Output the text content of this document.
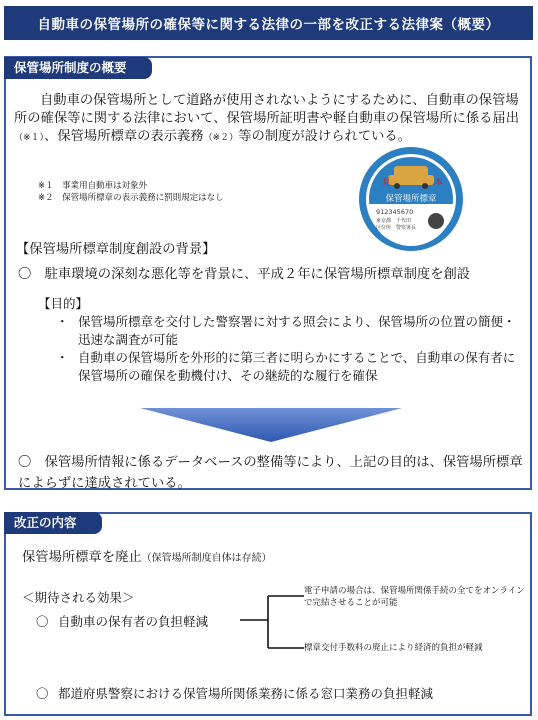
自動車の保管場所の確保等に関する法律の一部を改正する法律案（概要）
保管場所制度の概要
自動車の保管場所として道路が使用されないようにするために、自動車の保管場所の確保等に関する法律において、保管場所証明書や軽自動車の保管場所に係る届出（※１）、保管場所標章の表示義務（※２）等の制度が設けられている。
※１　事業用自動車は対象外
※２　保管場所標章の表示義務に罰則規定はなし
見	本
保管場所標章
912345670
東京都　千代田
区位所　警察署長
【保管場所標章制度創設の背景】
〇　駐車環境の深刻な悪化等を背景に、平成２年に保管場所標章制度を創設
【目的】
・ 保管場所標章を交付した警察署に対する照会により、保管場所の位置の簡便・迅速な調査が可能
・ 自動車の保管場所を外形的に第三者に明らかにすることで、自動車の保有者に保管場所の確保を動機付け、その継続的な履行を確保
〇　保管場所情報に係るデータベースの整備等により、上記の目的は、保管場所標章によらずに達成されている。
改正の内容
保管場所標章を廃止（保管場所制度自体は存続）
＜期待される効果＞
〇 自動車の保有者の負担軽減
〇 都道府県警察における保管場所関係業務に係る窓口業務の負担軽減
電子申請の場合は、保管場所関係手続の全てをオンラインで完結させることが可能
標章交付手数料の廃止により経済的負担が軽減
